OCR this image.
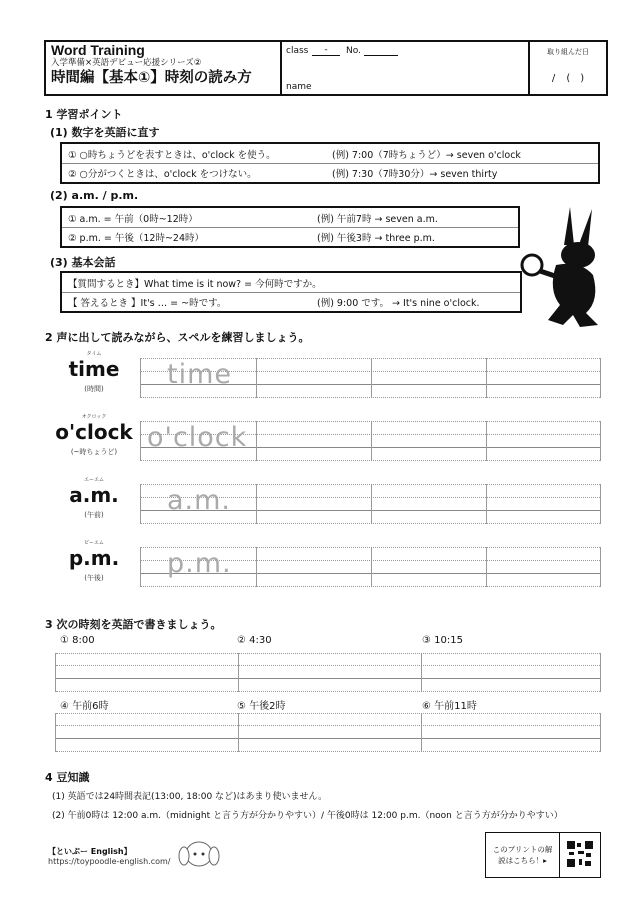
Word Training
入学準備×英語デビュー応援シリーズ②
時間編【基本①】時刻の読み方
class	-	No.
name
取り組んだ日
/ (　)
1 学習ポイント
(1) 数字を英語に直す
① ○時ちょうどを表すときは、o'clock を使う。	(例) 7:00（7時ちょうど）→ seven o'clock
② ○分がつくときは、o'clock をつけない。	(例) 7:30（7時30分）→ seven thirty
(2) a.m. / p.m.
① a.m. = 午前（0時~12時）	(例) 午前7時 → seven a.m.
② p.m. = 午後（12時~24時）	(例) 午後3時 → three p.m.
(3) 基本会話
【質問するとき】What time is it now? = 今何時ですか。
【 答えるとき 】It's … = ~時です。	(例) 9:00 です。 → It's nine o'clock.
2 声に出して読みながら、スペルを練習しましょう。
タイム
time
(時間)	time
オクロック
o'clock
(~時ちょうど)	o'clock
エーエム
a.m.
(午前)	a.m.
ピーエム
p.m.
(午後)	p.m.
3 次の時刻を英語で書きましょう。
① 8:00	② 4:30	③ 10:15
④ 午前6時	⑤ 午後2時	⑥ 午前11時
4 豆知識
(1) 英語では24時間表記(13:00, 18:00 など)はあまり使いません。
(2) 午前0時は 12:00 a.m.（midnight と言う方が分かりやすい）/ 午後0時は 12:00 p.m.（noon と言う方が分かりやすい）
【といぷー English】
https://toypoodle-english.com/
このプリントの解説はこちら！▸
